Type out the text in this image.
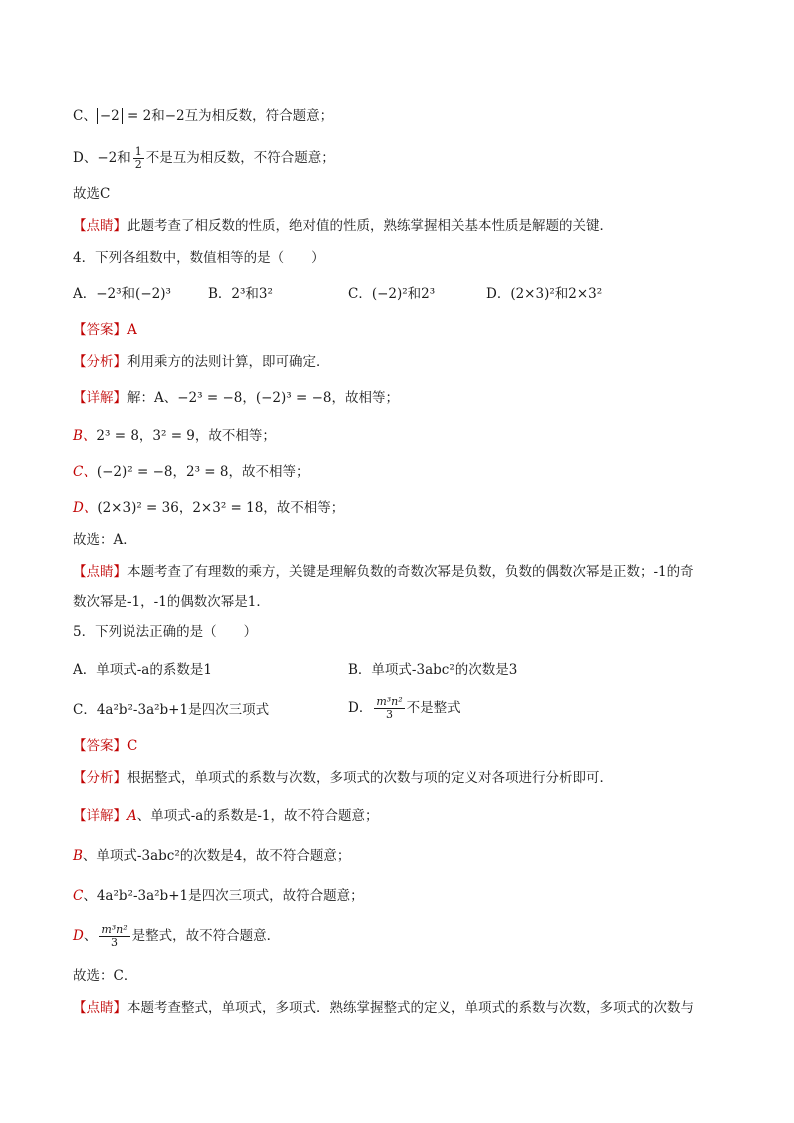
C、 −2 = 2和−2互为相反数，符合题意；
D、−2和 $\frac{1}{2}$ 不是互为相反数，不符合题意；
故选C
【点睛】此题考查了相反数的性质，绝对值的性质，熟练掌握相关基本性质是解题的关键．
4．下列各组数中，数值相等的是（　　）
A．−2³和(−2)³	B．2³和3²	C．(−2)²和2³	D．(2×3)²和2×3²
【答案】A
【分析】利用乘方的法则计算，即可确定．
【详解】解：A、−2³ = −8，(−2)³ = −8，故相等；
B、2³ = 8，3² = 9，故不相等；
C、(−2)² = −8，2³ = 8，故不相等；
D、(2×3)² = 36，2×3² = 18，故不相等；
故选：A．
【点睛】本题考查了有理数的乘方，关键是理解负数的奇数次幂是负数，负数的偶数次幂是正数；-1的奇
数次幂是-1，-1的偶数次幂是1．
5．下列说法正确的是（　　）
A．单项式-a的系数是1	B．单项式-3abc²的次数是3
C．4a²b²-3a²b+1是四次三项式	D． $\frac{\text{m³n²}}{3}$ 不是整式
【答案】C
【分析】根据整式，单项式的系数与次数，多项式的次数与项的定义对各项进行分析即可．
【详解】A、单项式-a的系数是-1，故不符合题意；
B、单项式-3abc²的次数是4，故不符合题意；
C、4a²b²-3a²b+1是四次三项式，故符合题意；
D、 $\frac{\text{m³n²}}{3}$ 是整式，故不符合题意．
故选：C．
【点睛】本题考查整式，单项式，多项式．熟练掌握整式的定义，单项式的系数与次数，多项式的次数与
